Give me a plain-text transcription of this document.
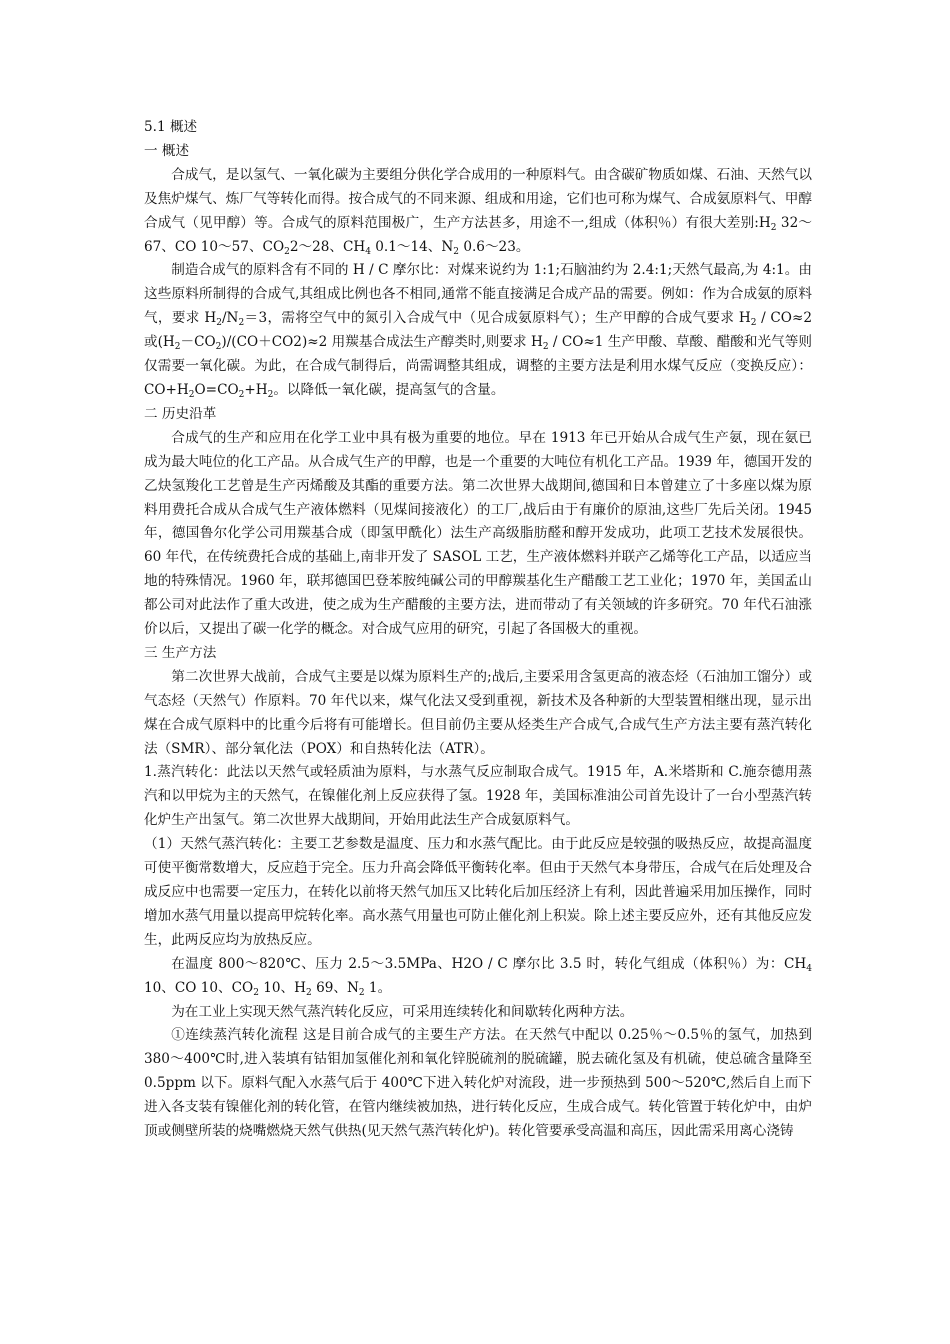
5.1 概述

一 概述

合成气，是以氢气、一氧化碳为主要组分供化学合成用的一种原料气。由含碳矿物质如煤、石油、天然气以及焦炉煤气、炼厂气等转化而得。按合成气的不同来源、组成和用途，它们也可称为煤气、合成氨原料气、甲醇合成气（见甲醇）等。合成气的原料范围极广，生产方法甚多，用途不一,组成（体积％）有很大差别$:H_2$ 32～67、CO 10～57、$CO_22\sim 28$、$CH_4$ 0.1～14、$N_2$ 0.6～23。

制造合成气的原料含有不同的 H / C 摩尔比：对煤来说约为 1:1;石脑油约为 2.4:1;天然气最高,为 4:1。由这些原料所制得的合成气,其组成比例也各不相同,通常不能直接满足合成产品的需要。例如：作为合成氨的原料气，要求 $H_2/N_2=3$，需将空气中的氮引入合成气中（见合成氨原料气）；生产甲醇的合成气要求 $H_2 / CO\approx 2$ 或$(H_2-CO_2)/(CO+CO2)\approx 2$ 用羰基合成法生产醇类时,则要求 $H_2 / CO\approx 1$ 生产甲酸、草酸、醋酸和光气等则仅需要一氧化碳。为此，在合成气制得后，尚需调整其组成，调整的主要方法是利用水煤气反应（变换反应）：$CO+H_2O=CO_2+H_2$。以降低一氧化碳，提高氢气的含量。

二 历史沿革

合成气的生产和应用在化学工业中具有极为重要的地位。早在 1913 年已开始从合成气生产氨，现在氨已成为最大吨位的化工产品。从合成气生产的甲醇，也是一个重要的大吨位有机化工产品。1939 年，德国开发的乙炔氢羧化工艺曾是生产丙烯酸及其酯的重要方法。第二次世界大战期间,德国和日本曾建立了十多座以煤为原料用费托合成从合成气生产液体燃料（见煤间接液化）的工厂,战后由于有廉价的原油,这些厂先后关闭。1945 年，德国鲁尔化学公司用羰基合成（即氢甲酰化）法生产高级脂肪醛和醇开发成功，此项工艺技术发展很快。60 年代，在传统费托合成的基础上,南非开发了 SASOL 工艺，生产液体燃料并联产乙烯等化工产品，以适应当地的特殊情况。1960 年，联邦德国巴登苯胺纯碱公司的甲醇羰基化生产醋酸工艺工业化；1970 年，美国孟山都公司对此法作了重大改进，使之成为生产醋酸的主要方法，进而带动了有关领域的许多研究。70 年代石油涨价以后，又提出了碳一化学的概念。对合成气应用的研究，引起了各国极大的重视。

三 生产方法

第二次世界大战前，合成气主要是以煤为原料生产的;战后,主要采用含氢更高的液态烃（石油加工馏分）或气态烃（天然气）作原料。70 年代以来，煤气化法又受到重视，新技术及各种新的大型装置相继出现，显示出煤在合成气原料中的比重今后将有可能增长。但目前仍主要从烃类生产合成气,合成气生产方法主要有蒸汽转化法（SMR）、部分氧化法（POX）和自热转化法（ATR）。

1.蒸汽转化：此法以天然气或轻质油为原料，与水蒸气反应制取合成气。1915 年，A.米塔斯和 C.施奈德用蒸汽和以甲烷为主的天然气，在镍催化剂上反应获得了氢。1928 年，美国标准油公司首先设计了一台小型蒸汽转化炉生产出氢气。第二次世界大战期间，开始用此法生产合成氨原料气。

（1）天然气蒸汽转化：主要工艺参数是温度、压力和水蒸气配比。由于此反应是较强的吸热反应，故提高温度可使平衡常数增大，反应趋于完全。压力升高会降低平衡转化率。但由于天然气本身带压，合成气在后处理及合成反应中也需要一定压力，在转化以前将天然气加压又比转化后加压经济上有利，因此普遍采用加压操作，同时增加水蒸气用量以提高甲烷转化率。高水蒸气用量也可防止催化剂上积炭。除上述主要反应外，还有其他反应发生，此两反应均为放热反应。

在温度 800～820℃、压力 2.5～3.5MPa、H2O / C 摩尔比 3.5 时，转化气组成（体积％）为：$CH_4$ 10、CO 10、$CO_2$ 10、$H_2$ 69、$N_2$ 1。

为在工业上实现天然气蒸汽转化反应，可采用连续转化和间歇转化两种方法。

①连续蒸汽转化流程 这是目前合成气的主要生产方法。在天然气中配以 0.25％～0.5％的氢气，加热到 380～400℃时,进入装填有钴钼加氢催化剂和氧化锌脱硫剂的脱硫罐，脱去硫化氢及有机硫，使总硫含量降至 0.5ppm 以下。原料气配入水蒸气后于 400℃下进入转化炉对流段，进一步预热到 500～520℃,然后自上而下进入各支装有镍催化剂的转化管，在管内继续被加热，进行转化反应，生成合成气。转化管置于转化炉中，由炉顶或侧壁所装的烧嘴燃烧天然气供热(见天然气蒸汽转化炉)。转化管要承受高温和高压，因此需采用离心浇铸
